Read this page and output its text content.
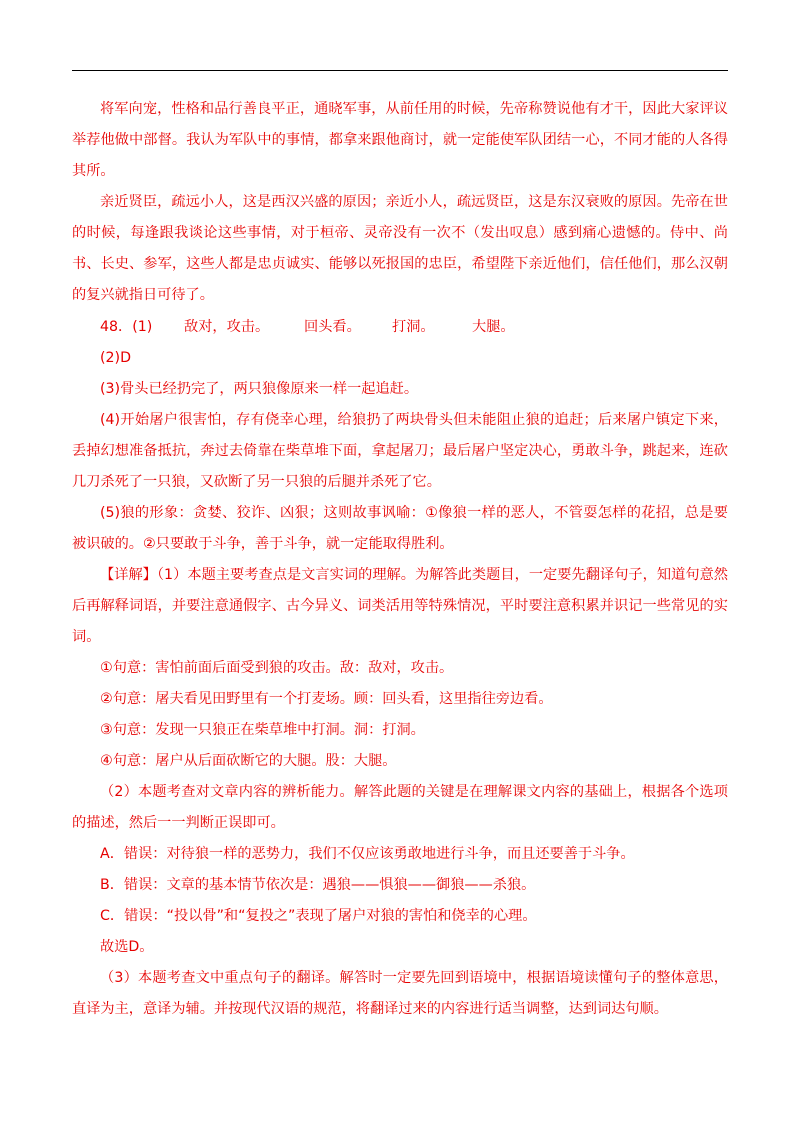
将军向宠，性格和品行善良平正，通晓军事，从前任用的时候，先帝称赞说他有才干，因此大家评议举荐他做中部督。我认为军队中的事情，都拿来跟他商讨，就一定能使军队团结一心，不同才能的人各得其所。

亲近贤臣，疏远小人，这是西汉兴盛的原因；亲近小人，疏远贤臣，这是东汉衰败的原因。先帝在世的时候，每逢跟我谈论这些事情，对于桓帝、灵帝没有一次不（发出叹息）感到痛心遗憾的。侍中、尚书、长史、参军，这些人都是忠贞诚实、能够以死报国的忠臣，希望陛下亲近他们，信任他们，那么汉朝的复兴就指日可待了。

48．(1) 敌对，攻击。 回头看。 打洞。	大腿。

(2)D

(3)骨头已经扔完了，两只狼像原来一样一起追赶。

(4)开始屠户很害怕，存有侥幸心理，给狼扔了两块骨头但未能阻止狼的追赶；后来屠户镇定下来，丢掉幻想准备抵抗，奔过去倚靠在柴草堆下面，拿起屠刀；最后屠户坚定决心，勇敢斗争，跳起来，连砍几刀杀死了一只狼，又砍断了另一只狼的后腿并杀死了它。

(5)狼的形象：贪婪、狡诈、凶狠；这则故事讽喻：①像狼一样的恶人，不管耍怎样的花招，总是要被识破的。②只要敢于斗争，善于斗争，就一定能取得胜利。

【详解】（1）本题主要考查点是文言实词的理解。为解答此类题目，一定要先翻译句子，知道句意然后再解释词语，并要注意通假字、古今异义、词类活用等特殊情况，平时要注意积累并识记一些常见的实词。

①句意：害怕前面后面受到狼的攻击。敌：敌对，攻击。

②句意：屠夫看见田野里有一个打麦场。顾：回头看，这里指往旁边看。

③句意：发现一只狼正在柴草堆中打洞。洞：打洞。

④句意：屠户从后面砍断它的大腿。股：大腿。

（2）本题考查对文章内容的辨析能力。解答此题的关键是在理解课文内容的基础上，根据各个选项的描述，然后一一判断正误即可。

A．错误：对待狼一样的恶势力，我们不仅应该勇敢地进行斗争，而且还要善于斗争。

B．错误：文章的基本情节依次是：遇狼——惧狼——御狼——杀狼。

C．错误：“投以骨”和“复投之”表现了屠户对狼的害怕和侥幸的心理。

故选D。

（3）本题考查文中重点句子的翻译。解答时一定要先回到语境中，根据语境读懂句子的整体意思，直译为主，意译为辅。并按现代汉语的规范，将翻译过来的内容进行适当调整，达到词达句顺。
